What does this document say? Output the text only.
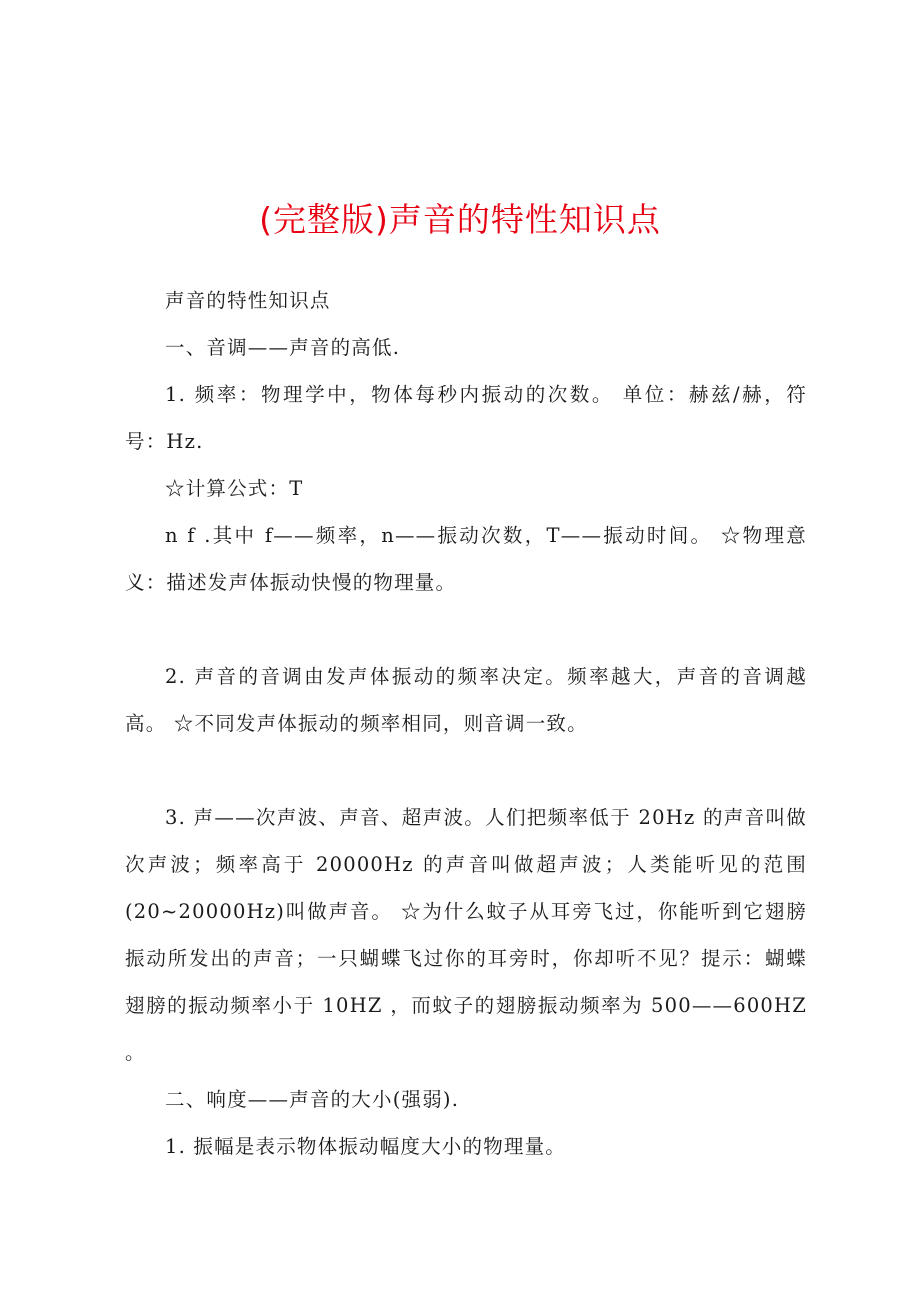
(完整版)声音的特性知识点

声音的特性知识点

一、音调——声音的高低.

1. 频率：物理学中，物体每秒内振动的次数。 单位：赫兹/赫，符号：Hz.

☆计算公式：T

n f .其中 f——频率，n——振动次数，T——振动时间。 ☆物理意义：描述发声体振动快慢的物理量。

2. 声音的音调由发声体振动的频率决定。频率越大，声音的音调越高。 ☆不同发声体振动的频率相同，则音调一致。

3. 声——次声波、声音、超声波。人们把频率低于 20Hz 的声音叫做次声波；频率高于 20000Hz 的声音叫做超声波；人类能听见的范围(20~20000Hz)叫做声音。 ☆为什么蚊子从耳旁飞过，你能听到它翅膀振动所发出的声音；一只蝴蝶飞过你的耳旁时，你却听不见？提示：蝴蝶翅膀的振动频率小于 10HZ ，而蚊子的翅膀振动频率为 500——600HZ 。

二、响度——声音的大小(强弱).

1. 振幅是表示物体振动幅度大小的物理量。
